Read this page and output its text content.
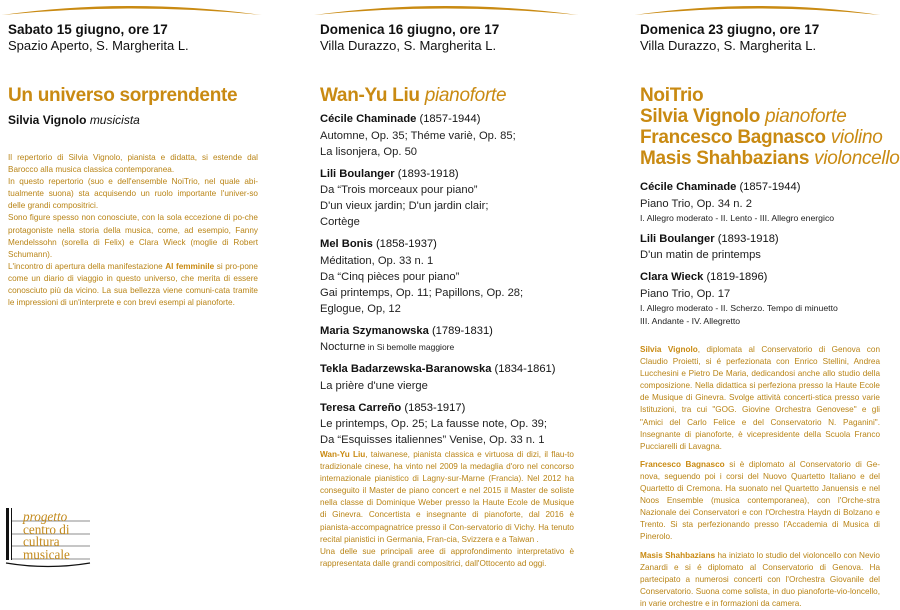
Sabato 15 giugno, ore 17
Spazio Aperto, S. Margherita L.
Un universo sorprendente
Silvia Vignolo musicista

Il repertorio di Silvia Vignolo, pianista e didatta, si estende dal Barocco alla musica classica contemporanea.

In questo repertorio (suo e dell'ensemble NoiTrio, nel quale abi-tualmente suona) sta acquisendo un ruolo importante l'univer-so delle grandi compositrici.

Sono figure spesso non conosciute, con la sola eccezione di po-che protagoniste nella storia della musica, come, ad esempio, Fanny Mendelssohn (sorella di Felix) e Clara Wieck (moglie di Robert Schumann).

L'incontro di apertura della manifestazione Al femminile si pro-pone come un diario di viaggio in questo universo, che merita di essere conosciuto più da vicino. La sua bellezza viene comuni-cata tramite le impressioni di un'interprete e con brevi esempi al pianoforte.

progetto
centro di
cultura
musicale
Domenica 16 giugno, ore 17
Villa Durazzo, S. Margherita L.
Wan-Yu Liu pianoforte
Cécile Chaminade (1857-1944)
Automne, Op. 35; Théme variè, Op. 85;
La lisonjera, Op. 50
Lili Boulanger (1893-1918)
Da “Trois morceaux pour piano”
D'un vieux jardin; D'un jardin clair;
Cortège
Mel Bonis (1858-1937)
Méditation, Op. 33 n. 1
Da “Cinq pièces pour piano”
Gai printemps, Op. 11; Papillons, Op. 28;
Eglogue, Op, 12
Maria Szymanowska (1789-1831)
Nocturne in Si bemolle maggiore
Tekla Badarzewska-Baranowska (1834-1861)
La prière d'une vierge
Teresa Carreño (1853-1917)
Le printemps, Op. 25; La fausse note, Op. 39;
Da “Esquisses italiennes” Venise, Op. 33 n. 1

Wan-Yu Liu, taiwanese, pianista classica e virtuosa di dizi, il flau-to tradizionale cinese, ha vinto nel 2009 la medaglia d'oro nel concorso internazionale pianistico di Lagny-sur-Marne (Francia). Nel 2012 ha conseguito il Master de piano concert e nel 2015 il Master de soliste nella classe di Dominique Weber presso la Haute Ecole de Musique di Ginevra. Concertista e insegnante di pianoforte, dal 2016 è pianista-accompagnatrice presso il Con-servatorio di Vichy. Ha tenuto recital pianistici in Germania, Fran-cia, Svizzera e a Taiwan .

Una delle sue principali aree di approfondimento interpretativo è rappresentata dalle grandi compositrici, dall'Ottocento ad oggi.

Domenica 23 giugno, ore 17
Villa Durazzo, S. Margherita L.
NoiTrio
Silvia Vignolo pianoforte
Francesco Bagnasco violino
Masis Shahbazians violoncello
Cécile Chaminade (1857-1944)
Piano Trio, Op. 34 n. 2
I. Allegro moderato - II. Lento - III. Allegro energico
Lili Boulanger (1893-1918)
D'un matin de printemps
Clara Wieck (1819-1896)
Piano Trio, Op. 17
I. Allegro moderato - II. Scherzo. Tempo di minuetto
III. Andante - IV. Allegretto

Silvia Vignolo, diplomata al Conservatorio di Genova con Claudio Proietti, si é perfezionata con Enrico Stellini, Andrea Lucchesini e Pietro De Maria, dedicandosi anche allo studio della composizione. Nella didattica si perfeziona presso la Haute Ecole de Musique di Ginevra. Svolge attività concerti-stica presso varie Istituzioni, tra cui "GOG. Giovine Orchestra Genovese" e gli "Amici del Carlo Felice e del Conservatorio N. Paganini". Insegnante di pianoforte, è vicepresidente della Scuola Franco Pucciarelli di Lavagna.

Francesco Bagnasco si è diplomato al Conservatorio di Ge-nova, seguendo poi i corsi del Nuovo Quartetto Italiano e del Quartetto di Cremona. Ha suonato nel Quartetto Januensis e nel Noos Ensemble (musica contemporanea), con l'Orche-stra Nazionale dei Conservatori e con l'Orchestra Haydn di Bolzano e Trento. Si sta perfezionando presso l'Accademia di Musica di Pinerolo.

Masis Shahbazians ha iniziato lo studio del violoncello con Nevio Zanardi e si é diplomato al Conservatorio di Genova. Ha partecipato a numerosi concerti con l'Orchestra Giovanile del Conservatorio. Suona come solista, in duo pianoforte-vio-loncello, in varie orchestre e in formazioni da camera.
